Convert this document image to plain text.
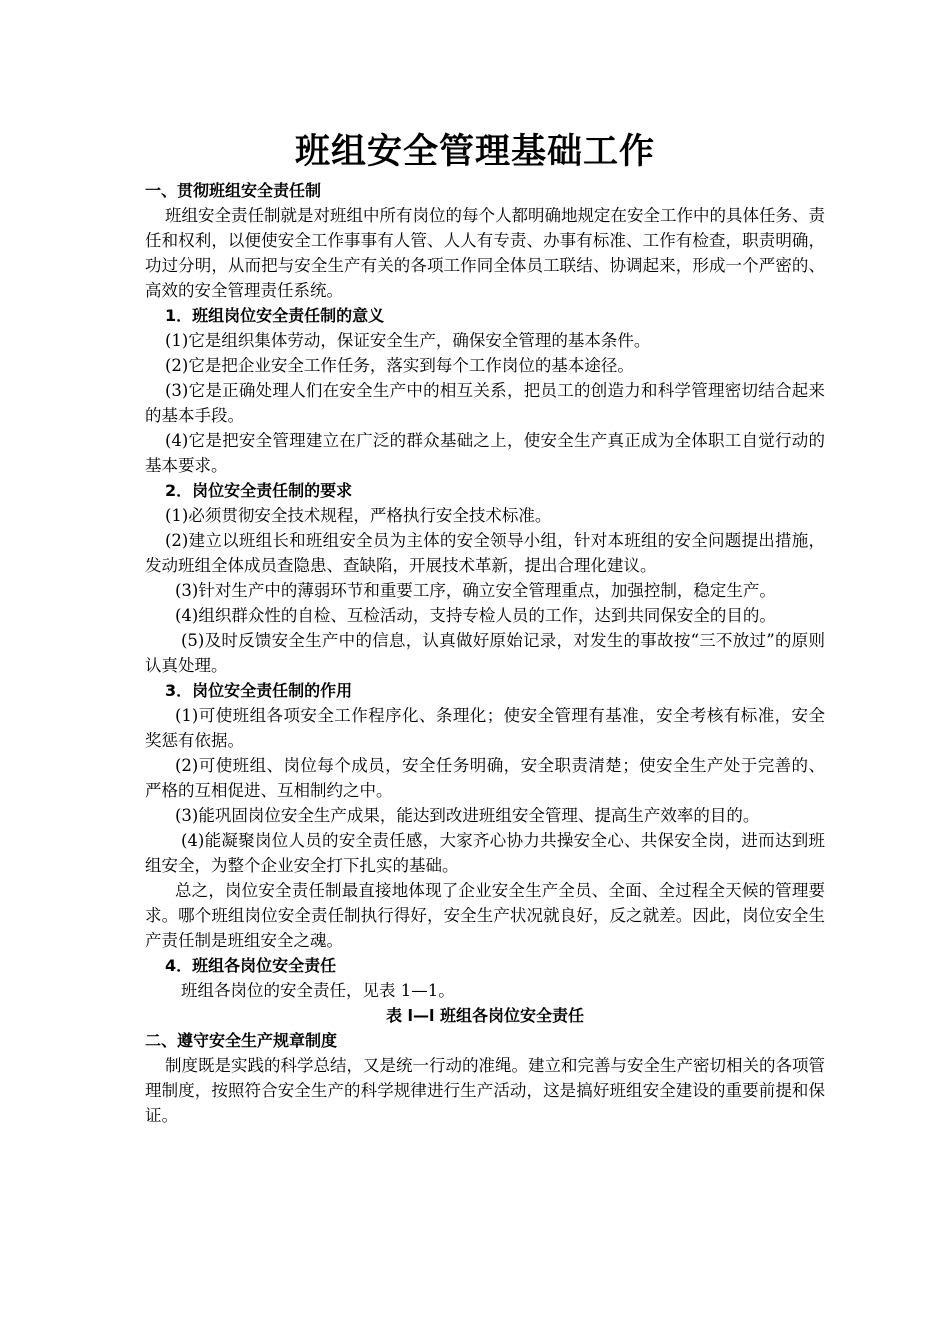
班组安全管理基础工作

一、贯彻班组安全责任制

班组安全责任制就是对班组中所有岗位的每个人都明确地规定在安全工作中的具体任务、责任和权利，以便使安全工作事事有人管、人人有专责、办事有标准、工作有检查，职责明确，功过分明，从而把与安全生产有关的各项工作同全体员工联结、协调起来，形成一个严密的、高效的安全管理责任系统。

1．班组岗位安全责任制的意义

(1)它是组织集体劳动，保证安全生产，确保安全管理的基本条件。

(2)它是把企业安全工作任务，落实到每个工作岗位的基本途径。

(3)它是正确处理人们在安全生产中的相互关系，把员工的创造力和科学管理密切结合起来的基本手段。

(4)它是把安全管理建立在广泛的群众基础之上，使安全生产真正成为全体职工自觉行动的基本要求。

2．岗位安全责任制的要求

(1)必须贯彻安全技术规程，严格执行安全技术标准。

(2)建立以班组长和班组安全员为主体的安全领导小组，针对本班组的安全问题提出措施，发动班组全体成员查隐患、查缺陷，开展技术革新，提出合理化建议。

(3)针对生产中的薄弱环节和重要工序，确立安全管理重点，加强控制，稳定生产。

(4)组织群众性的自检、互检活动，支持专检人员的工作，达到共同保安全的目的。

(5)及时反馈安全生产中的信息，认真做好原始记录，对发生的事故按“三不放过”的原则认真处理。

3．岗位安全责任制的作用

(1)可使班组各项安全工作程序化、条理化；使安全管理有基准，安全考核有标准，安全奖惩有依据。

(2)可使班组、岗位每个成员，安全任务明确，安全职责清楚；使安全生产处于完善的、严格的互相促进、互相制约之中。

(3)能巩固岗位安全生产成果，能达到改进班组安全管理、提高生产效率的目的。

(4)能凝聚岗位人员的安全责任感，大家齐心协力共操安全心、共保安全岗，进而达到班组安全，为整个企业安全打下扎实的基础。

总之，岗位安全责任制最直接地体现了企业安全生产全员、全面、全过程全天候的管理要求。哪个班组岗位安全责任制执行得好，安全生产状况就良好，反之就差。因此，岗位安全生产责任制是班组安全之魂。

4．班组各岗位安全责任

班组各岗位的安全责任，见表 1—1。

表 l—l 班组各岗位安全责任

二、遵守安全生产规章制度

制度既是实践的科学总结，又是统一行动的准绳。建立和完善与安全生产密切相关的各项管理制度，按照符合安全生产的科学规律进行生产活动，这是搞好班组安全建设的重要前提和保证。
